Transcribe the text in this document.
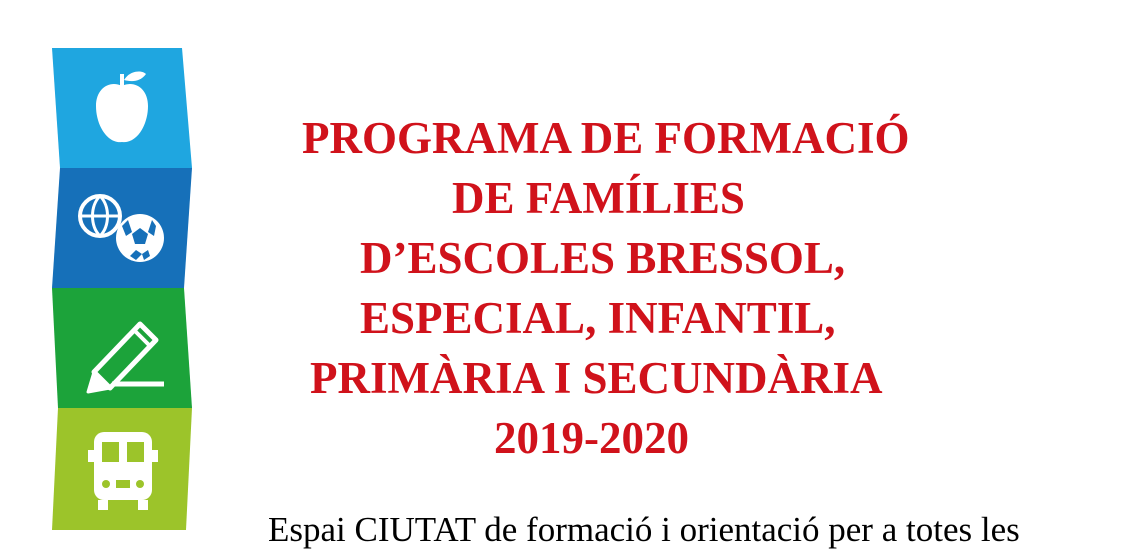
PROGRAMA DE FORMACIÓ
DE FAMÍLIES
D’ESCOLES BRESSOL,
ESPECIAL, INFANTIL,
PRIMÀRIA I SECUNDÀRIA
2019-2020
Espai CIUTAT de formació i orientació per a totes les
